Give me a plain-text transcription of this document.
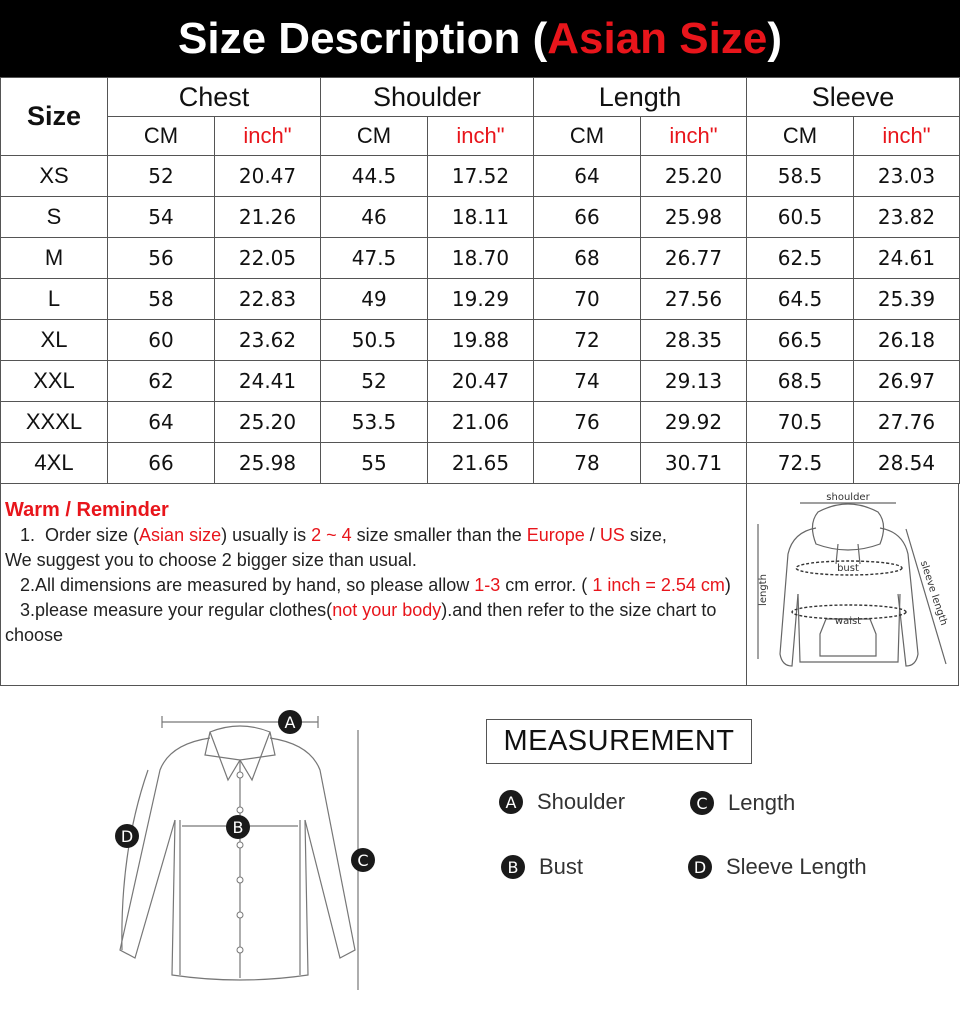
Size Description (Asian Size)
Size	Chest		Shoulder		Length		Sleeve	
	CM	inch"	CM	inch"	CM	inch"	CM	inch"
XS	52	20.47	44.5	17.52	64	25.20	58.5	23.03
S	54	21.26	46	18.11	66	25.98	60.5	23.82
M	56	22.05	47.5	18.70	68	26.77	62.5	24.61
L	58	22.83	49	19.29	70	27.56	64.5	25.39
XL	60	23.62	50.5	19.88	72	28.35	66.5	26.18
XXL	62	24.41	52	20.47	74	29.13	68.5	26.97
XXXL	64	25.20	53.5	21.06	76	29.92	70.5	27.76
4XL	66	25.98	55	21.65	78	30.71	72.5	28.54
Warm / Reminder
1.  Order size (Asian size) usually is 2 ~ 4 size smaller than the Europe / US size,
We suggest you to choose 2 bigger size than usual.
2.All dimensions are measured by hand, so please allow 1-3 cm error. ( 1 inch = 2.54 cm)
3.please measure your regular clothes(not your body).and then refer to the size chart to choose
shoulder
bust
waist
length	sleeve length
A
B
C
D
MEASUREMENT
A Shoulder	C Length
B Bust	D Sleeve Length
